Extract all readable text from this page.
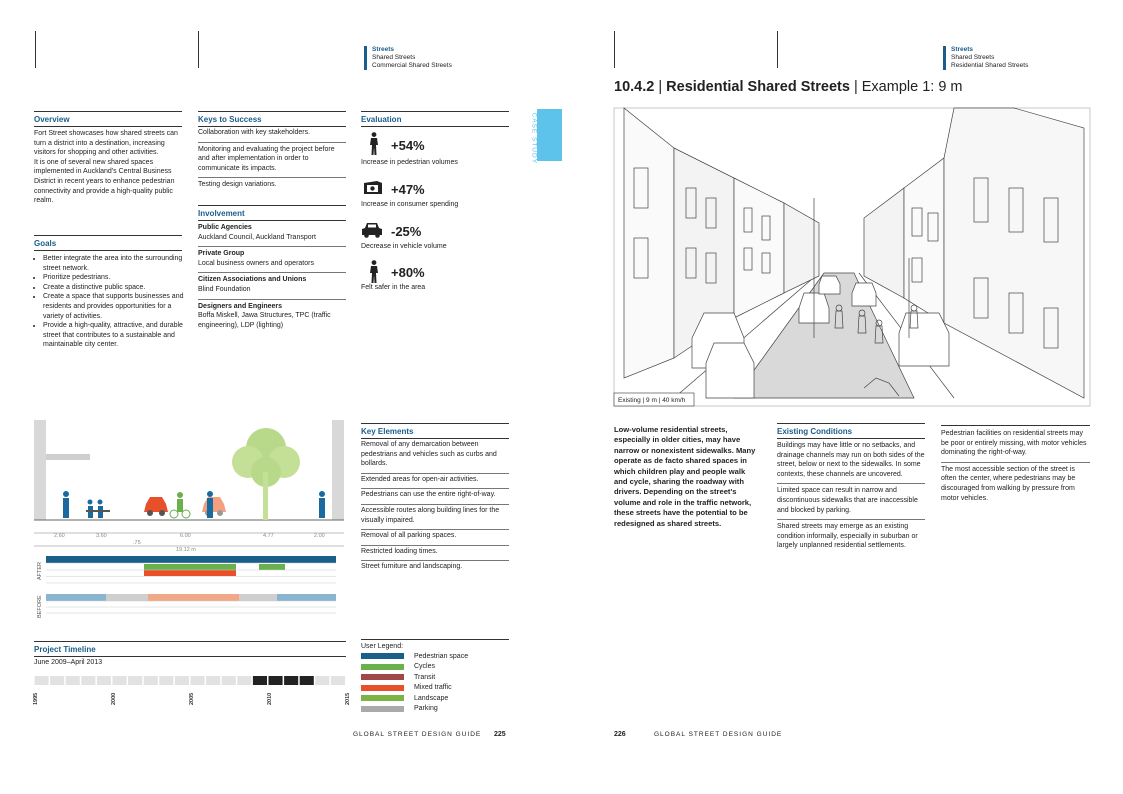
Streets
Shared Streets
Commercial Shared Streets
Streets
Shared Streets
Residential Shared Streets
Overview
Fort Street showcases how shared streets can turn a district into a destination, increasing visitors for shopping and other activities.
It is one of several new shared spaces implemented in Auckland's Central Business District in recent years to enhance pedestrian connectivity and provide a high-quality public realm.
Goals
• Better integrate the area into the surrounding street network.
• Prioritize pedestrians.
• Create a distinctive public space.
• Create a space that supports businesses and residents and provides opportunities for a variety of activities.
• Provide a high-quality, attractive, and durable street that contributes to a sustainable and maintainable city center.
Keys to Success
Collaboration with key stakeholders.
Monitoring and evaluating the project before and after implementation in order to communicate its impacts.
Testing design variations.
Involvement
Public Agencies
Auckland Council, Auckland Transport
Private Group
Local business owners and operators
Citizen Associations and Unions
Blind Foundation
Designers and Engineers
Boffa Miskell, Jawa Structures, TPC (traffic engineering), LDP (lighting)
Evaluation
+54%
Increase in pedestrian volumes
+47%
Increase in consumer spending
-25%
Decrease in vehicle volume
+80%
Felt safer in the area
CASE STUDY
2.60	3.60
.75
6.00	4.77	2.00
19.12 m
AFTER
BEFORE
Key Elements
Removal of any demarcation between pedestrians and vehicles such as curbs and bollards.
Extended areas for open-air activities.
Pedestrians can use the entire right-of-way.
Accessible routes along building lines for the visually impaired.
Removal of all parking spaces.
Restricted loading times.
Street furniture and landscaping.
Project Timeline
June 2009–April 2013
1995	2000	2005	2010	2015
User Legend:
Pedestrian space
Cycles
Transit
Mixed traffic
Landscape
Parking
GLOBAL STREET DESIGN GUIDE 225
10.4.2 | Residential Shared Streets | Example 1: 9 m
Existing | 9 m | 40 km/h
Low-volume residential streets, especially in older cities, may have narrow or nonexistent sidewalks. Many operate as de facto shared spaces in which children play and people walk and cycle, sharing the roadway with drivers. Depending on the street's volume and role in the traffic network, these streets have the potential to be redesigned as shared streets.
Existing Conditions
Buildings may have little or no setbacks, and drainage channels may run on both sides of the street, below or next to the sidewalks. In some contexts, these channels are uncovered.
Limited space can result in narrow and discontinuous sidewalks that are inaccessible and blocked by parking.
Shared streets may emerge as an existing condition informally, especially in suburban or largely unplanned residential settlements.
Pedestrian facilities on residential streets may be poor or entirely missing, with motor vehicles dominating the right-of-way.
The most accessible section of the street is often the center, where pedestrians may be discouraged from walking by pressure from motor vehicles.
226	GLOBAL STREET DESIGN GUIDE
